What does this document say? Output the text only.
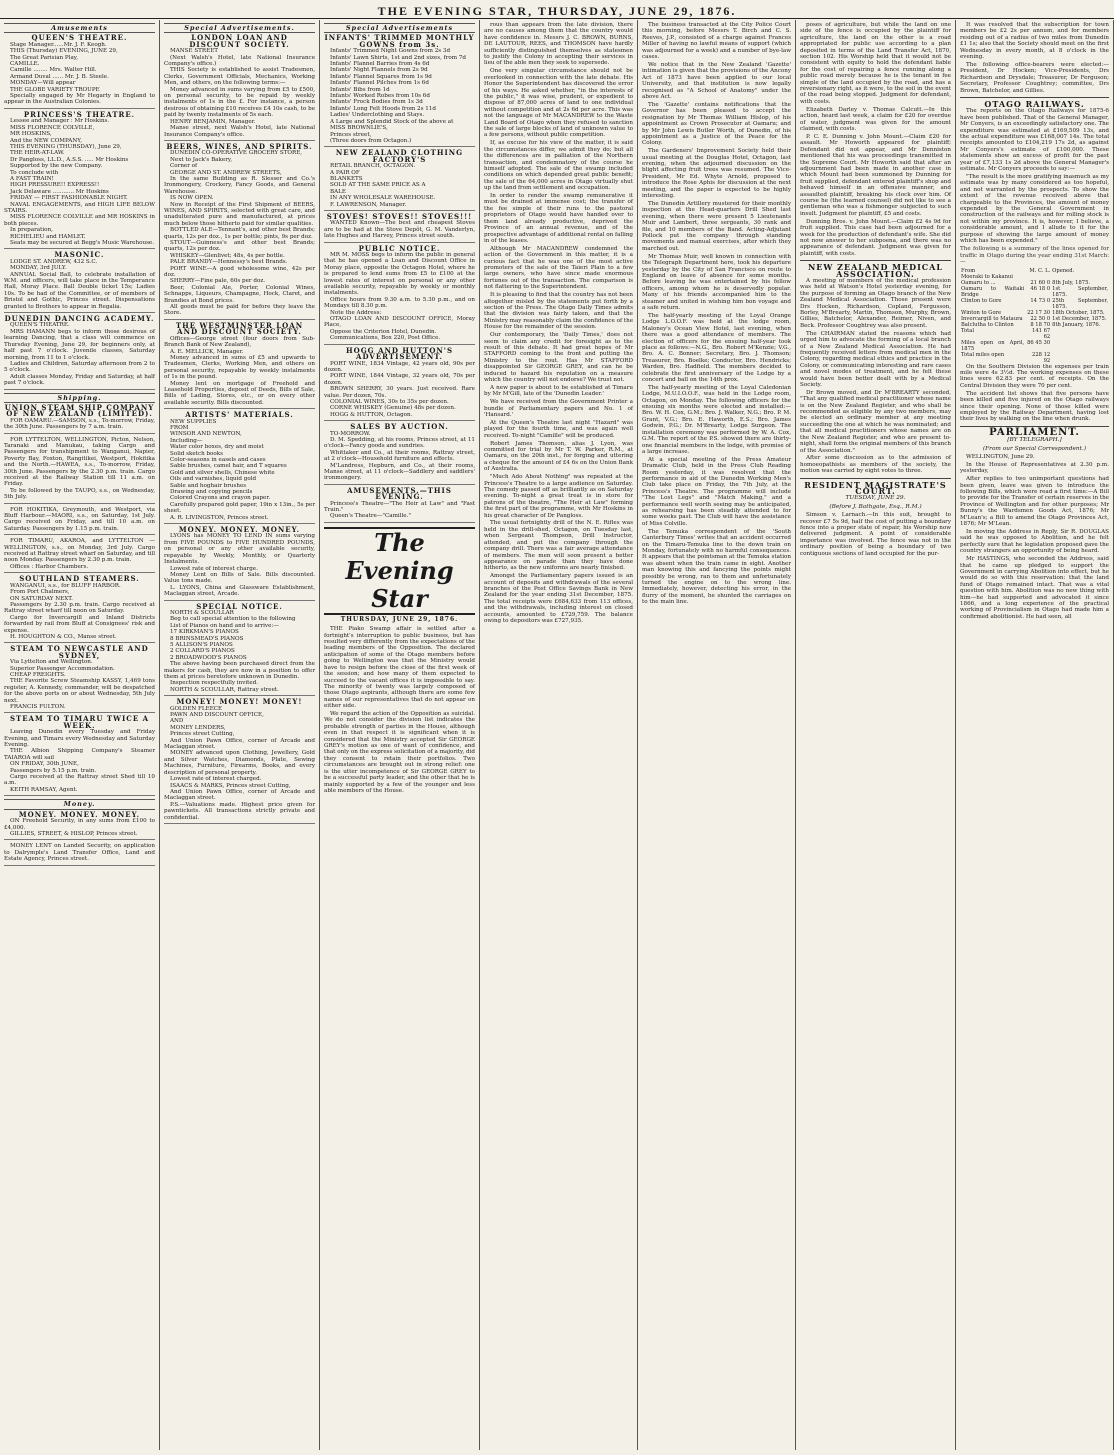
THE EVENING STAR, THURSDAY, JUNE 29, 1876.
Amusements
QUEEN'S THEATRE.

Stage Manager......Mr. J. F. Keogh.

THIS (Thursday) EVENING, JUNE 29,

The Great Parisian Play,

CAMILLE.

Camille ........ Mrs. Walter Hill.

Armand Duval ...... Mr. J. B. Steele.

MONDAY—Will appear

THE GLOBE VARIETY TROUPE

Specially engaged by Mr Hegarty in England to appear in the Australian Colonies.

PRINCESS'S THEATRE.

Lessee and Manager : Mr Hoskins.

MISS FLORENCE COLVILLE,

MR HOSKINS,

And the NEW COMPANY,

THIS EVENING (THURSDAY), June 29,

THE HEIR-AT-LAW.

Dr Pangloss, LL.D., A.S.S. ..... Mr Hoskins

Supported by the new Company.

To conclude with

A FAST TRAIN!

HIGH PRESSURE!! EXPRESS!!

Jack Delaware ............ Mr Hoskins

FRIDAY — FIRST FASHIONABLE NIGHT.

NAVAL ENGAGEMENTS, and HIGH LIFE BELOW STAIRS.

MISS FLORENCE COLVILLE and MR HOSKINS in both pieces.

In preparation,

RICHELIEU and HAMLET.

Seats may be secured at Begg's Music Warehouse.

MASONIC.

LODGE ST. ANDREW, 432 S.C.

MONDAY, 3rd JULY.

ANNUAL Social Ball, to celebrate installation of W.M. and officers, will take place in the Temperance Hall, Moray Place. Ball Double ticket 15s; Ladies 10s. To be had of the Committee, or of members of Bristol and Gothic, Princes street. Dispensations granted to Brothers to appear in Regalia.

DUNEDIN DANCING ACADEMY.

QUEEN'S THEATRE.

MRS HAMANN begs to inform those desirous of learning Dancing, that a class will commence on Thursday Evening, June 29, for beginners only, at half past 7 o'clock. Juvenile classes, Saturday morning, from 11 to 1 o'clock.

Ladies and Children, Saturday afternoon from 2 to 5 o'clock.

Adult classes Monday, Friday and Saturday, at half past 7 o'clock.

Shipping.
UNION STEAM SHIP COMPANY OF NEW ZEALAND (LIMITED).

FOR OAMARU.—SAMSON, s.s., To-morrow, Friday, the 30th June. Passengers by 7 a.m. train.

FOR LYTTELTON, WELLINGTON, Picton, Nelson, Taranaki and Manukau, taking Cargo and Passengers for transhipment to Wanganui, Napier, Poverty Bay, Foxton, Rangitikei, Westport, Hokitika and the North.—HAWEA, s.s., To-morrow, Friday, 30th June. Passengers by the 2.30 p.m. train. Cargo received at the Railway Station till 11 a.m. on Friday.

To be followed by the TAUPO, s.s., on Wednesday, 5th July.

FOR HOKITIKA, Greymouth, and Westport, via Bluff Harbour.—MAORI, s.s., on Saturday, 1st July. Cargo received on Friday, and till 10 a.m. on Saturday. Passengers by 1.15 p.m. train.

FOR TIMARU, AKAROA, and LYTTELTON — WELLINGTON, s.s., on Monday, 3rd July. Cargo received at Rattray street wharf on Saturday, and till noon Monday. Passengers by 2.30 p.m. train.

Offices : Harbor Chambers.

SOUTHLAND STEAMERS.

WANGANUI, s.s., for BLUFF HARBOR.

From Port Chalmers,

ON SATURDAY NEXT.

Passengers by 2.30 p.m. train. Cargo received at Rattray street wharf till noon on Saturday.

Cargo for Invercargill and Inland Districts forwarded by rail from Bluff at Consignees' risk and expense.

H. HOUGHTON & CO., Manse street.

STEAM TO NEWCASTLE AND SYDNEY,

Via Lyttelton and Wellington.

Superior Passenger Accommodation.

CHEAP FREIGHTS.

THE Favorite Screw Steamship KASSY, 1,469 tons register, A. Kennedy, commander, will be despatched for the above ports on or about Wednesday, 5th July next.

FRANCIS FULTON.

STEAM TO TIMARU TWICE A WEEK.

Leaving Dunedin every Tuesday and Friday Evening, and Timaru every Wednesday and Saturday Evening.

THE Albion Shipping Company's Steamer TAIAROA will sail

ON FRIDAY, 30th JUNE,

Passengers by 5.15 p.m. train.

Cargo received at the Rattray street Shed till 10 a.m.

KEITH RAMSAY, Agent.

Money.
MONEY. MONEY. MONEY.

ON Freehold Security, in any sums from £100 to £4,000.

GILLIES, STREET, & HISLOP, Princes street.

MONEY LENT on Landed Security, on application to Dalrymple's Land Transfer Office, Land and Estate Agency, Princes street.

Special Advertisements.
LONDON LOAN AND DISCOUNT SOCIETY.

MANSE STREET

(Next Walsh's Hotel, late National Insurance Company's office.)

THIS Society is established to assist Tradesmen, Clerks, Government Officials, Mechanics, Working Men, and others, on the following terms:—

Money advanced in sums varying from £5 to £500, on personal security, to be repaid by weekly instalments of 1s in the £. For instance, a person desirous of obtaining £10 receives £4 10s cash, to be paid by twenty instalments of 5s each.

HENRY BENJAMIN, Manager.

Manse street, next Walsh's Hotel, late National Insurance Company's office.

BEERS, WINES, AND SPIRITS.

DUNEDIN CO-OPERATIVE GROCERY STORE,

Next to Jack's Bakery,

Corner of

GEORGE AND ST. ANDREW STREETS,

In the same Building as R. Slesser and Co.'s Ironmongery, Crockery, Fancy Goods, and General Warehouse.

IS NOW OPEN.

Now in Receipt of the First Shipment of BEERS, WINES, AND SPIRITS, selected with great care, and unadulterated pure and manufactured, at prices much below those hitherto paid for similar qualities.

BOTTLED ALE—Tennant's, and other best Brands; quarts, 12s per doz., 1s per bottle; pints, 9s per doz.

STOUT—Guinness's and other best Brands; quarts, 12s per doz.

WHISKEY—Glenlivet; 48s, 4s per bottle.

PALE BRANDY—Hennessy's best Brands.

PORT WINE—A good wholesome wine, 42s per doz.

SHERRY—Fine pale, 60s per doz.

Beer, Colonial Ale, Porter, Colonial Wines, Schnapps, Liqueurs, Champagne, Hock, Claret, and Brandies at Bond prices.

All goods must be paid for before they leave the Store.

THE WESTMINSTER LOAN AND DISCOUNT SOCIETY.

Offices—George street (four doors from Sub-Branch Bank of New Zealand),

A. E. MELLICK, Manager.

Money advanced in sums of £5 and upwards to Tradesmen, Clerks, Working Men, and others on personal security, repayable by weekly instalments of 1s in the pound.

Money lent on mortgage of Freehold and Leasehold Properties, deposit of Deeds, Bills of Sale, Bills of Lading, Stores, etc., or on every other available security. Bills discounted.

ARTISTS' MATERIALS.

NEW SUPPLIES

FROM

WINSOR AND NEWTON,

Including—

Water color boxes, dry and moist

Solid sketch books

Color-seasons in easels and cases

Sable brushes, camel hair, and T squares

Gold and silver shells, Chinese white

Oils and varnishes, liquid gold

Sable and hoghair brushes

Drawing and copying pencils

Colored Crayons and crayon paper.

Carefully prepared gold paper, 19in x 13in., 5s per sheet.

A. R. LIVINGSTON, Princes street.

MONEY. MONEY. MONEY.

LYONS has MONEY TO LEND IN sums varying from FIVE POUNDS to FIVE HUNDRED POUNDS, on personal or any other available security, repayable by Weekly, Monthly, or Quarterly Instalments.

Lowest rate of interest charge.

Money Lent on Bills of Sale. Bills discounted. Value tons made.

L. LYONS, China and Glassware Establishment, Maclaggan street, Arcade.

SPECIAL NOTICE.

NORTH & SCOULLAR

Beg to call special attention to the following

List of Pianos on hand and to arrive:—

17 KIRKMAN'S PIANOS

8 BRINSMEAD'S PIANOS

5 ALLISON'S PIANOS

2 COLLARD'S PIANOS

2 BROADWOOD'S PIANOS

The above having been purchased direct from the makers for cash, they are now in a position to offer them at prices heretofore unknown in Dunedin.

Inspection respectfully invited.

NORTH & SCOULLAR, Rattray street.

MONEY! MONEY! MONEY!

GOLDEN FLEECE

PAWN AND DISCOUNT OFFICE,

AND

MONEY LENDERS,

Princes street Cutting,

And Union Pawn Office, corner of Arcade and Maclaggan street.

MONEY advanced upon Clothing, Jewellery, Gold and Silver Watches, Diamonds, Plate, Sewing Machines, Furniture, Firearms, Books, and every description of personal property.

Lowest rate of interest charged.

ISAACS & MARKS, Princes street Cutting,

And Union Pawn Office, corner of Arcade and Maclaggan street.

P.S.—Valuations made. Highest price given for pawntickets. All transactions strictly private and confidential.

Special Advertisements
INFANTS' TRIMMED MONTHLY GOWNS from 3s.

Infants' Trimmed Night Gowns from 2s 3d

Infants' Lawn Shirts, 1st and 2nd sizes, from 7d

Infants' Flannel Barries from 4s 6d

Infants' Night Flannels from 2s 9d

Infants' Flannel Squares from 1s 9d

Infants' Flannel Pilches from 1s 6d

Infants' Bibs from 1d

Infants' Worked Robes from 10s 6d

Infants' Frock Bodies from 1s 3d

Infants' Long Felt Hoods from 2s 11d

Ladies' Underclothing and Stays.

A Large and Splendid Stock of the above at

MISS BROWNLIE'S,

Princes street,

(Three doors from Octagon.)

NEW ZEALAND CLOTHING FACTORY'S

RETAIL BRANCH, OCTAGON.

A PAIR OF

BLANKETS

SOLD AT THE SAME PRICE AS A

BALE

IN ANY WHOLESALE WAREHOUSE.

F. LAWRENSON, Manager.

STOVES! STOVES!! STOVES!!!

WANTED Known—The best and cheapest Stoves are to be had at the Stove Depôt, G. M. Vanderlyn, late Hughes and Harvey, Princes street south.

PUBLIC NOTICE.

MR M. MOSS begs to inform the public in general that he has opened a Loan and Discount Office in Moray place, opposite the Octagon Hotel, where he is prepared to lend sums from £5 to £100 at the lowest rates of interest on personal or any other available security, repayable by weekly or monthly instalments.

Office hours from 9.30 a.m. to 5.30 p.m., and on Mondays till 8.30 p.m.

Note the Address:

OTAGO LOAN AND DISCOUNT OFFICE, Moray Place,

Oppose the Criterion Hotel, Dunedin.

Communications, Box 220, Post Office.

HOGG AND HUTTON'S ADVERTISEMENT.

PORT WINE, 1834 Vintage, 42 years old, 90s per dozen.

PORT WINE, 1844 Vintage, 32 years old, 70s per dozen.

BROWN SHERRY, 30 years. Just received. Rare value. Per dozen, 70s.

COLONIAL WINES, 30s to 35s per dozen.

CORNE WHISKEY (Genuine) 48s per dozen.

HOGG & HUTTON, Octagon.

SALES BY AUCTION.

TO-MORROW.

D. M. Spedding, at his rooms, Princes street, at 11 o'clock—Fancy goods and sundries.

Whittaker and Co., at their rooms, Rattray street, at 2 o'clock—Household furniture and effects.

M'Landress, Hepburn, and Co., at their rooms, Manse street, at 11 o'clock—Saddlery and saddlers' ironmongery.

AMUSEMENTS.—THIS EVENING.

Princess's Theatre—"The Heir at Law" and "Fast Train."

Queen's Theatre—"Camille."

The Evening Star
THURSDAY, JUNE 29, 1876.

THE Piako Swamp affair is settled after a fortnight's interruption to public business, but has resulted very differently from the expectations of the leading members of the Opposition. The declared anticipation of some of the Otago members before going to Wellington was that the Ministry would have to resign before the close of the first week of the session; and how many of them expected to succeed to the vacant offices it is impossible to say. The minority of twenty was largely composed of those Otago aspirants, although there are some few names of our representatives that do not appear on either side.

We regard the action of the Opposition as suicidal. We do not consider the division list indicates the probable strength of parties in the House, although even in that respect it is significant when it is considered that the Ministry accepted Sir GEORGE GREY's motion as one of want of confidence, and that only on the express solicitation of a majority, did they consent to retain their portfolios. Two circumstances are brought out in strong relief: one is the utter incompetence of Sir GEORGE GREY to be a successful party leader, and the other that he is mainly supported by a few of the younger and less able members of the House.

rous than appears from the late division, there are no causes among them that the country would have confidence in. Messrs J. C. BROWN, BURNS, DE LAUTOUR, REES, and THOMSON have hardly sufficiently distinguished themselves as statesmen to justify the Colony in accepting their services in lieu of the able men they seek to supersede.

One very singular circumstance should not be overlooked in connection with the late debate. His Honor the Superintendent has discovered the error of his ways. He asked whether, "in the interests of the public," it was wise, prudent, or expedient to dispose of 87,000 acres of land to one individual without competition and at 2s 6d per acre. This was not the language of Mr MACANDREW to the Waste Land Board of Otago when they refused to sanction the sale of large blocks of land of unknown value to a few persons, without public competition.

If, as excuse for his view of the matter, it is said the circumstances differ, we admit they do; but all the differences are in palliation of the Northern transaction, and condemnatory of the course he himself adopted. The sale of the swamp included conditions on which depended great public benefit; the sale of the 64,000 acres in Otago virtually shut up the land from settlement and occupation.

In order to render the swamp remunerative it must be drained at immense cost; the transfer of the fee simple of their runs to the pastoral proprietors of Otago would have handed over to them land already productive, deprived the Province of an annual revenue, and of the prospective advantage of additional rental on falling in of the leases.

Although Mr MACANDREW condemned the action of the Government in this matter, it is a curious fact that he was one of the most active promoters of the sale of the Taieri Plain to a few large owners, who have since made enormous fortunes out of the transaction. The comparison is not flattering to the Superintendent.

It is pleasing to find that the country has not been altogether misled by the statements put forth by a section of the Press. The Otago Daily Times admits that the division was fairly taken, and that the Ministry may reasonably claim the confidence of the House for the remainder of the session.

Our contemporary, the 'Daily Times,' does not seem to claim any credit for foresight as to the result of this debate. It had great hopes of Mr STAFFORD coming to the front and putting the Ministry to the rout. Has Mr STAFFORD disappointed Sir GEORGE GREY, and can he be induced to hazard his reputation on a measure which the country will not endorse? We trust not.

A new paper is about to be established at Timaru by Mr M'Gill, late of the 'Dunedin Leader.'

We have received from the Government Printer a bundle of Parliamentary papers and No. 1 of 'Hansard.'

At the Queen's Theatre last night "Hazard" was played for the fourth time, and was again well received. To-night "Camille" will be produced.

Robert James Thomson, alias J. Lyon, was committed for trial by Mr T. W. Parker, R.M., at Oamaru, on the 20th inst., for forging and uttering a cheque for the amount of £4 6s on the Union Bank of Australia.

"Much Ado About Nothing" was repeated at the Princess's Theatre to a large audience on Saturday. The comedy passed off as brilliantly as on Saturday evening. To-night a great treat is in store for patrons of the theatre, "The Heir at Law" forming the first part of the programme, with Mr Hoskins in his great character of Dr Pangloss.

The usual fortnightly drill of the N. E. Rifles was held in the drill-shed, Octagon, on Tuesday last, when Sergeant Thompson, Drill Instructor, attended, and put the company through the company drill. There was a fair average attendance of members. The men will soon present a better appearance on parade than they have done hitherto, as the new uniforms are nearly finished.

Amongst the Parliamentary papers issued is an account of deposits and withdrawals of the several branches of the Post Office Savings Bank in New Zealand for the year ending 31st December, 1875. The total receipts were £684,633 from 113 offices, and the withdrawals, including interest on closed accounts, amounted to £729,759. The balance owing to depositors was £727,935.

The business transacted at the City Police Court this morning, before Messrs T. Birch and C. S. Reeves, J.P., consisted of a charge against Frances Miller of having no lawful means of support (which was adjourned for a week) and a number of bye-law cases.

We notice that in the New Zealand 'Gazette' intimation is given that the provisions of the Ancony Act of 1873 have been applied to our local University, and that institution is now legally recognised as "A School of Anatomy" under the above Act.

The 'Gazette' contains notifications that the Governor has been pleased to accept the resignation by Mr Thomas William Hislop, of his appointment as Crown Prosecutor at Oamaru; and by Mr John Lewis Butler Worth, of Dunedin, of his appointment as a Justice of the Peace for the Colony.

The Gardeners' Improvement Society held their usual meeting at the Douglas Hotel, Octagon, last evening, when the adjourned discussion on the blight affecting fruit trees was resumed. The Vice-President, Mr Ed. Whyte Arnold, proposed to introduce the Rose Aphis for discussion at the next meeting, and the paper is expected to be highly interesting.

The Dunedin Artillery mustered for their monthly inspection at the Head-quarters Drill Shed last evening, when there were present 5 Lieutenants Muir and Lambert, three sergeants, 30 rank and file, and 10 members of the Band. Acting-Adjutant Pollock put the company through standing movements and manual exercises, after which they marched out.

Mr Thomas Muir, well known in connection with the Telegraph Department here, took his departure yesterday by the City of San Francisco on route to England on leave of absence for some months. Before leaving he was entertained by his fellow officers, among whom he is deservedly popular. Many of his friends accompanied him to the steamer and united in wishing him bon voyage and a safe return.

The half-yearly meeting of the Loyal Orange Lodge L.O.O.F. was held at the lodge room, Maloney's Ocean View Hotel, last evening, when there was a good attendance of members. The election of officers for the ensuing half-year took place as follows:—N.G., Bro. Robert M'Kenzie; V.G., Bro. A. C. Bonner; Secretary, Bro. J. Thomson; Treasurer, Bro. Boelke; Conductor, Bro. Hendricks; Warden, Bro. Hadfield. The members decided to celebrate the first anniversary of the Lodge by a concert and ball on the 14th prox.

The half-yearly meeting of the Loyal Caledonian Lodge, M.U.I.O.O.F., was held in the Lodge room, Octagon, on Monday. The following officers for the ensuing six months were elected and installed:—Bro. W. H. Cox, G.M.; Bro. J. Walker, N.G.; Bro. P. M. Grant, V.G.; Bro. E. Haworth, E.S.; Bro. James Godwin, P.G.; Dr. M'Brearty, Lodge Surgeon. The installation ceremony was performed by W. A. Cox, G.M. The report of the P.S. showed there are thirty-one financial members in the lodge, with promise of a large increase.

At a special meeting of the Press Amateur Dramatic Club, held in the Press Club Reading Room yesterday, it was resolved that the performance in aid of the Dunedin Working Men's Club take place on Friday, the 7th July, at the Princess's Theatre. The programme will include "The Lost Legs" and "Match Making," and a performance well worth seeing may be anticipated, as rehearsing has been steadily attended to for some weeks past. The Club will have the assistance of Miss Colville.

The Temuka correspondent of the 'South Canterbury Times' writes that an accident occurred on the Timaru-Temuka line to the down train on Monday, fortunately with no harmful consequences. It appears that the pointsman at the Temuka station was absent when the train came in sight. Another man knowing this and fancying the points might possibly be wrong, ran to them and unfortunately turned the engine on to the wrong line. Immediately, however, detecting his error, in the flurry of the moment, he shunted the carriages on to the main line.

poses of agriculture, but while the land on one side of the fence is occupied by the plaintiff for agriculture, the land on the other is a road appropriated for public use according to a plan deposited in terms of the Land Transfer Act, 1870, section 102. His Worship held that it would not be consistent with equity to hold the defendant liable for the cost of repairing a fence running along a public road merely because he is the tenant in fee simple of the land occupied by the road, and has a reversionary right, as it were, to the soil in the event of the road being stopped. Judgment for defendant, with costs.

Elizabeth Darley v. Thomas Calcutt.—In this action, heard last week, a claim for £20 for overdue of water, judgment was given for the amount claimed, with costs.

P. C. E. Dunning v. John Mount.—Claim £20 for assault. Mr Howorth appeared for plaintiff; Defendant did not appear, and Mr Denniston mentioned that his was proceedings transmitted in the Supreme Court. Mr Howorth said that after an adjournment had been made in another case in which Mount had been summoned by Dunning for fruit supplied, defendant entered plaintiff's shop and behaved himself in an offensive manner, and assaulted plaintiff, breaking his clock over him. Of course he (the learned counsel) did not like to see a gentleman who was a fishmonger subjected to such insult. Judgment for plaintiff, £5 and costs.

Dunning Bros. v. John Mount.—Claim £2 4s 9d for fruit supplied. This case had been adjourned for a week for the production of defendant's wife. She did not now answer to her subpoena, and there was no appearance of defendant. Judgment was given for plaintiff, with costs.

NEW ZEALAND MEDICAL ASSOCIATION.

A meeting of members of the medical profession was held at Watson's Hotel yesterday evening, for the purpose of forming an Otago branch of the New Zealand Medical Association. Those present were Drs Hocken, Richardson, Copland, Fergusson, Borley, M'Brearty, Martin, Thomson, Murphy, Brown, Gillies, Batchelor, Alexander, Reimer, Niven, and Beck. Professor Coughtrey was also present.

The CHAIRMAN stated the reasons which had urged him to advocate the forming of a local branch of a New Zealand Medical Association. He had frequently received letters from medical men in the Colony, regarding medical ethics and practice in the Colony, or communicating interesting and rare cases and novel modes of treatment, and he felt these would have been better dealt with by a Medical Society.

Dr Brown moved, and Dr M'BREARTY seconded, "That any qualified medical practitioner whose name is on the New Zealand Register, and who shall be recommended as eligible by any two members, may be elected an ordinary member at any meeting succeeding the one at which he was nominated; and that all medical practitioners whose names are on the New Zealand Register, and who are present to-night, shall form the original members of this branch of the Association."

After some discussion as to the admission of homoeopathists as members of the society, the motion was carried by eight votes to three.

RESIDENT MAGISTRATE'S COURT.
TUESDAY, JUNE 29.
(Before J. Bathgate, Esq., R.M.)

Simson v. Larnach.—In this suit, brought to recover £7 5s 9d, half the cost of putting a boundary fence into a proper state of repair, his Worship now delivered judgment. A point of considerable importance was involved. The fence was not in the ordinary position of being a boundary of two contiguous sections of land occupied for the pur-

It was resolved that the subscription for town members be £2 2s per annum, and for members residing out of a radius of two miles from Dunedin £1 1s; also that the Society should meet on the first Wednesday in every month, at 8 o'clock in the evening.

The following office-bearers were elected:—President, Dr Hocken; Vice-Presidents, Drs Richardson and Drysdale; Treasurer, Dr Ferguson; Secretary, Professor Coughtrey; committee, Drs Brown, Batchelor, and Gillies.

OTAGO RAILWAYS.

The reports on the Otago Railways for 1875-6 have been published. That of the General Manager, Mr Conyers, is an exceedingly satisfactory one. The expenditure was estimated at £169,509 13s, and the actual expenditure was £168,007 14s. The total receipts amounted to £104,219 17s 2d, as against Mr Conyers's estimate of £100,000. These statements show an excess of profit for the past year of £7,133 1s 2d above the General Manager's estimate. Mr Conyers proceeds to say:—

"The result is the more gratifying inasmuch as my estimate was by many considered as too hopeful, and not warranted by the prospects. To show the extent of the revenue received above that chargeable to the Provinces, the amount of money expended by the General Government in construction of the railways and for rolling stock is not within my province. It is, however, I believe, a considerable amount, and I allude to it for the purpose of showing the large amount of money which has been expended."

The following is a summary of the lines opened for traffic in Otago during the year ending 31st March:—
From	M. C. L.	Opened.
Moeraki to Kakanui		
Oamaru to ...	21 60 0	8th July, 1875.
Oamaru to Waitaki Bridge	46 18 0	1st September, 1875.
Clinton to Gore	14 73 0	25th September, 1875.
Winton to Gore	22 17 30	18th October, 1875.
Invercargill to Mataura	22 50 0	1st December, 1875.
Balclutha to Clinton	8 18 70	8th January, 1876.
Total	141 67 62	
Miles open on April, 1875	86 45 30	
Total miles open	228 12 92	

On the Southern Division the expenses per train mile were 4s 3½d. The working expenses on these lines were 62.83 per cent. of receipts. On the Central Division they were 70 per cent.

The accident list shows that five persons have been killed and five injured on the Otago railways since their opening. None of those killed were employed by the Railway Department, having lost their lives by walking on the line when drunk.

PARLIAMENT.
[BY TELEGRAPH.]
(From our Special Correspondent.)

WELLINGTON, June 29.

In the House of Representatives at 2.30 p.m. yesterday,

After replies to two unimportant questions had been given, leave was given to introduce the following Bills, which were read a first time:—A Bill to provide for the Transfer of certain reserves in the Province of Wellington and for other purposes; Mr Bunny's the Wardsmen Goods Act, 1876; Mr M'Lean's; a Bill to amend the Otago Provinces Act, 1876; Mr M'Lean.

In moving the Address in Reply, Sir R. DOUGLAS said he was opposed to Abolition, and he felt perfectly sure that he legislation proposed gave the country strangers an opportunity of being heard.

Mr HASTINGS, who seconded the Address, said that he came up pledged to support the Government in carrying Abolition into effect, but he would do so with this reservation: that the land fund of Otago remained intact. That was a vital question with him. Abolition was no new thing with him—he had supported and advocated it since 1866, and a long experience of the practical working of Provincialism in Otago had made him a confirmed abolitionist. He had seen, all
